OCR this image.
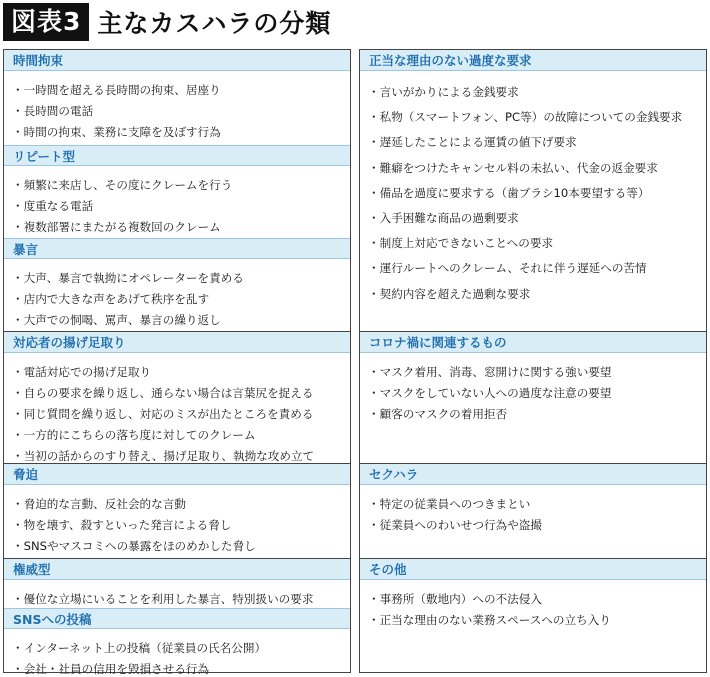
図表3 主なカスハラの分類
時間拘束
・ 一時間を超える長時間の拘束、居座り
・ 長時間の電話
・ 時間の拘束、業務に支障を及ぼす行為
リピート型
・ 頻繁に来店し、その度にクレームを行う
・ 度重なる電話
・ 複数部署にまたがる複数回のクレーム
暴言
・ 大声、暴言で執拗にオペレーターを責める
・ 店内で大きな声をあげて秩序を乱す
・ 大声での恫喝、罵声、暴言の繰り返し
対応者の揚げ足取り
・ 電話対応での揚げ足取り
・ 自らの要求を繰り返し、通らない場合は言葉尻を捉える
・ 同じ質問を繰り返し、対応のミスが出たところを責める
・ 一方的にこちらの落ち度に対してのクレーム
・ 当初の話からのすり替え、揚げ足取り、執拗な攻め立て
脅迫
・ 脅迫的な言動、反社会的な言動
・ 物を壊す、殺すといった発言による脅し
・ SNSやマスコミへの暴露をほのめかした脅し
権威型
・ 優位な立場にいることを利用した暴言、特別扱いの要求
SNSへの投稿
・ インターネット上の投稿（従業員の氏名公開）
・ 会社・社員の信用を毀損させる行為
正当な理由のない過度な要求
・ 言いがかりによる金銭要求
・ 私物（スマートフォン、PC等）の故障についての金銭要求
・ 遅延したことによる運賃の値下げ要求
・ 難癖をつけたキャンセル料の未払い、代金の返金要求
・ 備品を過度に要求する（歯ブラシ10本要望する等）
・ 入手困難な商品の過剰要求
・ 制度上対応できないことへの要求
・ 運行ルートへのクレーム、それに伴う遅延への苦情
・ 契約内容を超えた過剰な要求
コロナ禍に関連するもの
・ マスク着用、消毒、窓開けに関する強い要望
・ マスクをしていない人への過度な注意の要望
・ 顧客のマスクの着用拒否
セクハラ
・ 特定の従業員へのつきまとい
・ 従業員へのわいせつ行為や盗撮
その他
・ 事務所（敷地内）への不法侵入
・ 正当な理由のない業務スペースへの立ち入り
